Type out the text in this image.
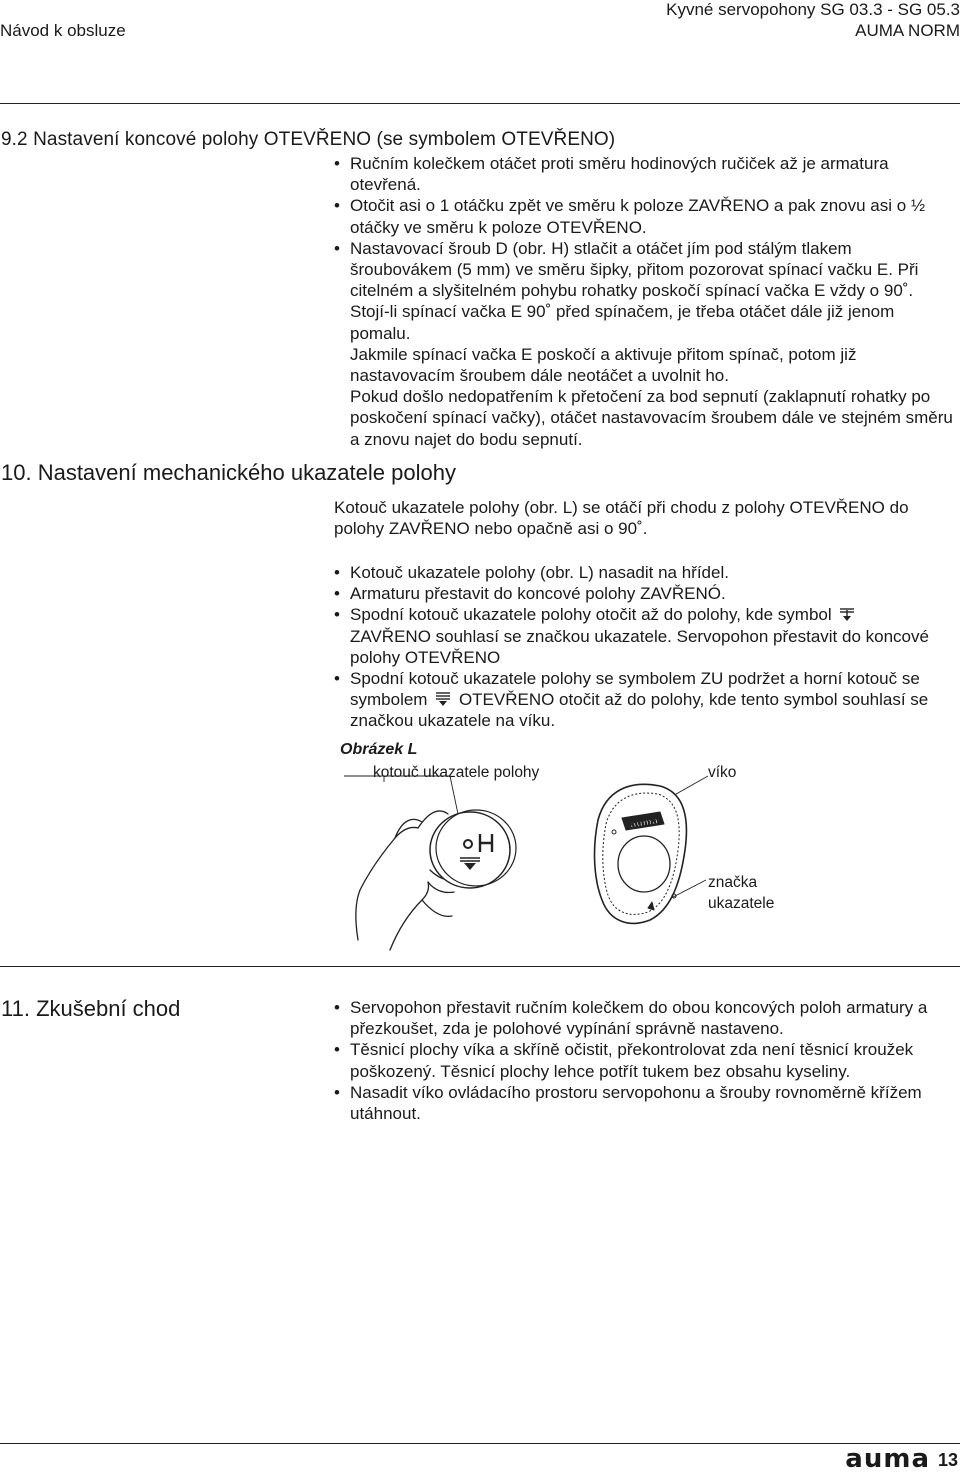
Návod k obsluze
Kyvné servopohony SG 03.3 - SG 05.3
AUMA NORM
9.2 Nastavení koncové polohy OTEVŘENO (se symbolem OTEVŘENO)
• Ručním kolečkem otáčet proti směru hodinových ručiček až je armatura otevřená.
• Otočit asi o 1 otáčku zpět ve směru k poloze ZAVŘENO a pak znovu asi o ½ otáčky ve směru k poloze OTEVŘENO.
• Nastavovací šroub D (obr. H) stlačit a otáčet jím pod stálým tlakem šroubovákem (5 mm) ve směru šipky, přitom pozorovat spínací vačku E. Při citelném a slyšitelném pohybu rohatky poskočí spínací vačka E vždy o 90˚. Stojí-li spínací vačka E 90˚ před spínačem, je třeba otáčet dále již jenom pomalu.
Jakmile spínací vačka E poskočí a aktivuje přitom spínač, potom již nastavovacím šroubem dále neotáčet a uvolnit ho.
Pokud došlo nedopatřením k přetočení za bod sepnutí (zaklapnutí rohatky po poskočení spínací vačky), otáčet nastavovacím šroubem dále ve stejném směru a znovu najet do bodu sepnutí.
10. Nastavení mechanického ukazatele polohy
Kotouč ukazatele polohy (obr. L) se otáčí při chodu z polohy OTEVŘENO do polohy ZAVŘENO nebo opačně asi o 90˚.
• Kotouč ukazatele polohy (obr. L) nasadit na hřídel.
• Armaturu přestavit do koncové polohy ZAVŘENÓ.
• Spodní kotouč ukazatele polohy otočit až do polohy, kde symbol
ZAVŘENO souhlasí se značkou ukazatele. Servopohon přestavit do koncové polohy OTEVŘENO
• Spodní kotouč ukazatele polohy se symbolem ZU podržet a horní kotouč se symbolem OTEVŘENO otočit až do polohy, kde tento symbol souhlasí se značkou ukazatele na víku.
Obrázek L
kotouč ukazatele polohy	víko
značka
ukazatele
auma
11. Zkušební chod
•	Servopohon přestavit ručním kolečkem do obou koncových poloh armatury a přezkoušet, zda je polohové vypínání správně nastaveno.
• Těsnicí plochy víka a skříně očistit, překontrolovat zda není těsnicí kroužek poškozený. Těsnicí plochy lehce potřít tukem bez obsahu kyseliny.
• Nasadit víko ovládacího prostoru servopohonu a šrouby rovnoměrně křížem utáhnout.
auma 13
